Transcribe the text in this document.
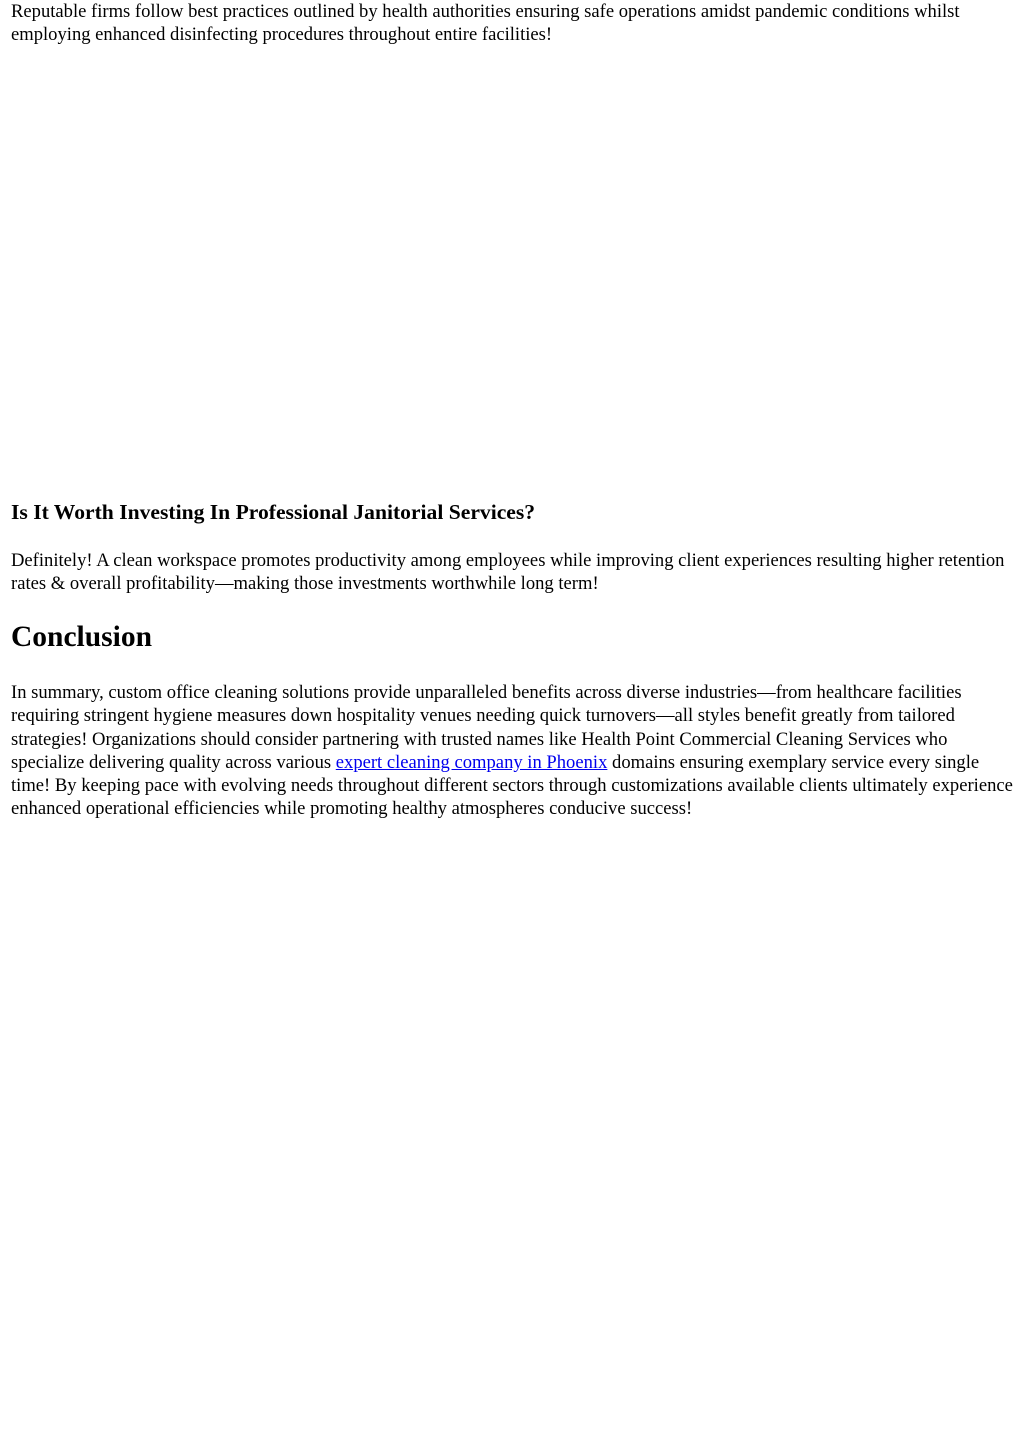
Reputable firms follow best practices outlined by health authorities ensuring safe operations amidst pandemic conditions whilst employing enhanced disinfecting procedures throughout entire facilities!

Is It Worth Investing In Professional Janitorial Services?

Definitely! A clean workspace promotes productivity among employees while improving client experiences resulting higher retention rates & overall profitability—making those investments worthwhile long term!

Conclusion

In summary, custom office cleaning solutions provide unparalleled benefits across diverse industries—from healthcare facilities requiring stringent hygiene measures down hospitality venues needing quick turnovers—all styles benefit greatly from tailored strategies! Organizations should consider partnering with trusted names like Health Point Commercial Cleaning Services who specialize delivering quality across various expert cleaning company in Phoenix domains ensuring exemplary service every single time! By keeping pace with evolving needs throughout different sectors through customizations available clients ultimately experience enhanced operational efficiencies while promoting healthy atmospheres conducive success!
